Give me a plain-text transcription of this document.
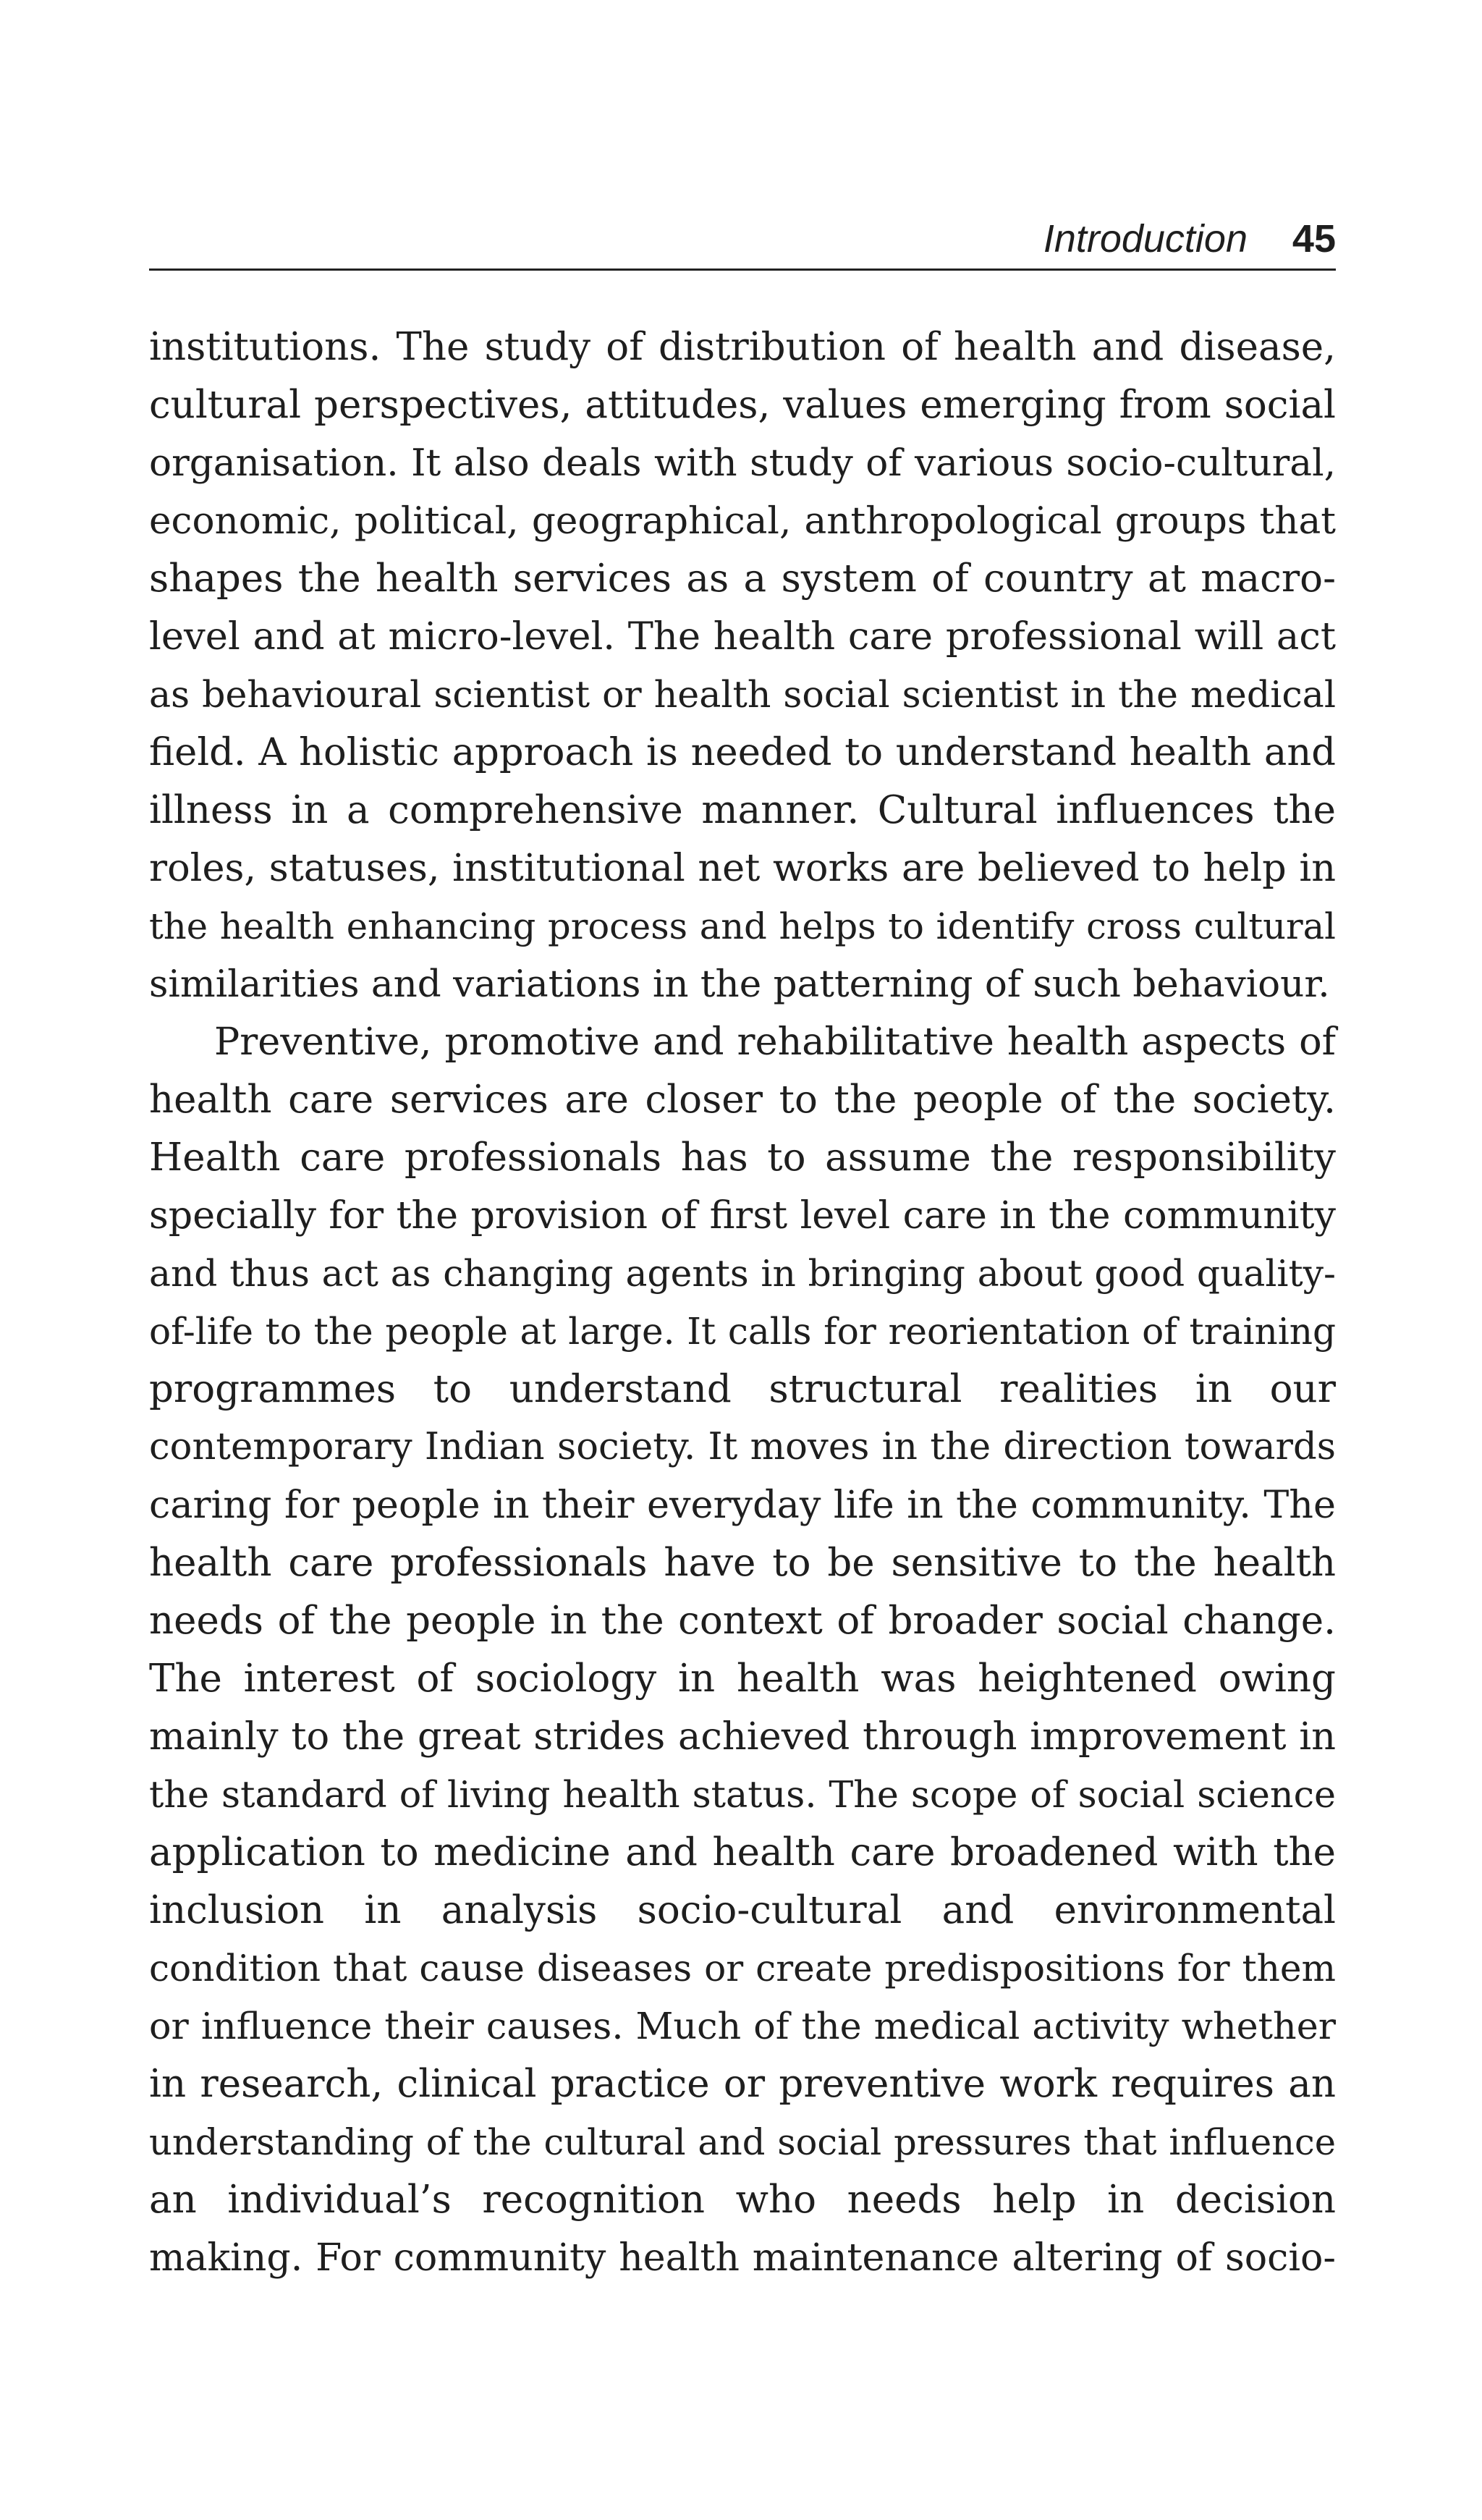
Introduction 45
institutions. The study of distribution of health and disease,
cultural perspectives, attitudes, values emerging from social
organisation. It also deals with study of various socio-cultural,
economic, political, geographical, anthropological groups that
shapes the health services as a system of country at macro-
level and at micro-level. The health care professional will act
as behavioural scientist or health social scientist in the medical
field. A holistic approach is needed to understand health and
illness in a comprehensive manner. Cultural influences the
roles, statuses, institutional net works are believed to help in
the health enhancing process and helps to identify cross cultural
similarities and variations in the patterning of such behaviour.
Preventive, promotive and rehabilitative health aspects of
health care services are closer to the people of the society.
Health care professionals has to assume the responsibility
specially for the provision of first level care in the community
and thus act as changing agents in bringing about good quality-
of-life to the people at large. It calls for reorientation of training
programmes to understand structural realities in our
contemporary Indian society. It moves in the direction towards
caring for people in their everyday life in the community. The
health care professionals have to be sensitive to the health
needs of the people in the context of broader social change.
The interest of sociology in health was heightened owing
mainly to the great strides achieved through improvement in
the standard of living health status. The scope of social science
application to medicine and health care broadened with the
inclusion in analysis socio-cultural and environmental
condition that cause diseases or create predispositions for them
or influence their causes. Much of the medical activity whether
in research, clinical practice or preventive work requires an
understanding of the cultural and social pressures that influence
an individual’s recognition who needs help in decision
making. For community health maintenance altering of socio-
